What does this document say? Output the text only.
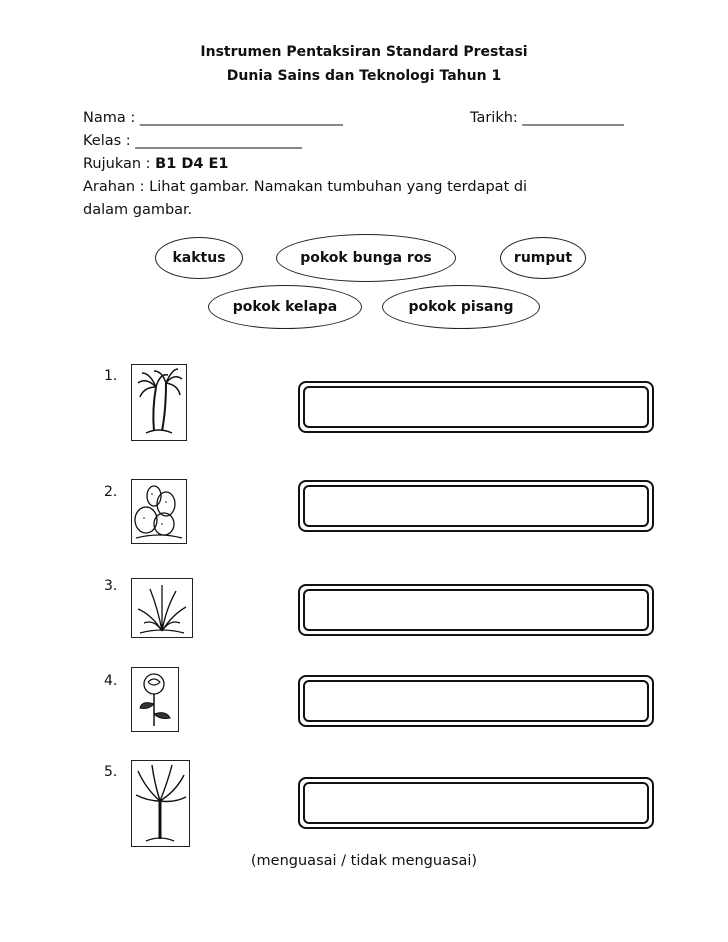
Instrumen Pentaksiran Standard Prestasi
Dunia Sains dan Teknologi Tahun 1
Nama : ____________________________	Tarikh: ______________
Kelas : _______________________
Rujukan : B1 D4 E1
Arahan : Lihat gambar. Namakan tumbuhan yang terdapat di
dalam gambar.
kaktus	pokok bunga ros	rumput
pokok kelapa	pokok pisang
1.
2.
3.
4.
5.
(menguasai / tidak menguasai)
